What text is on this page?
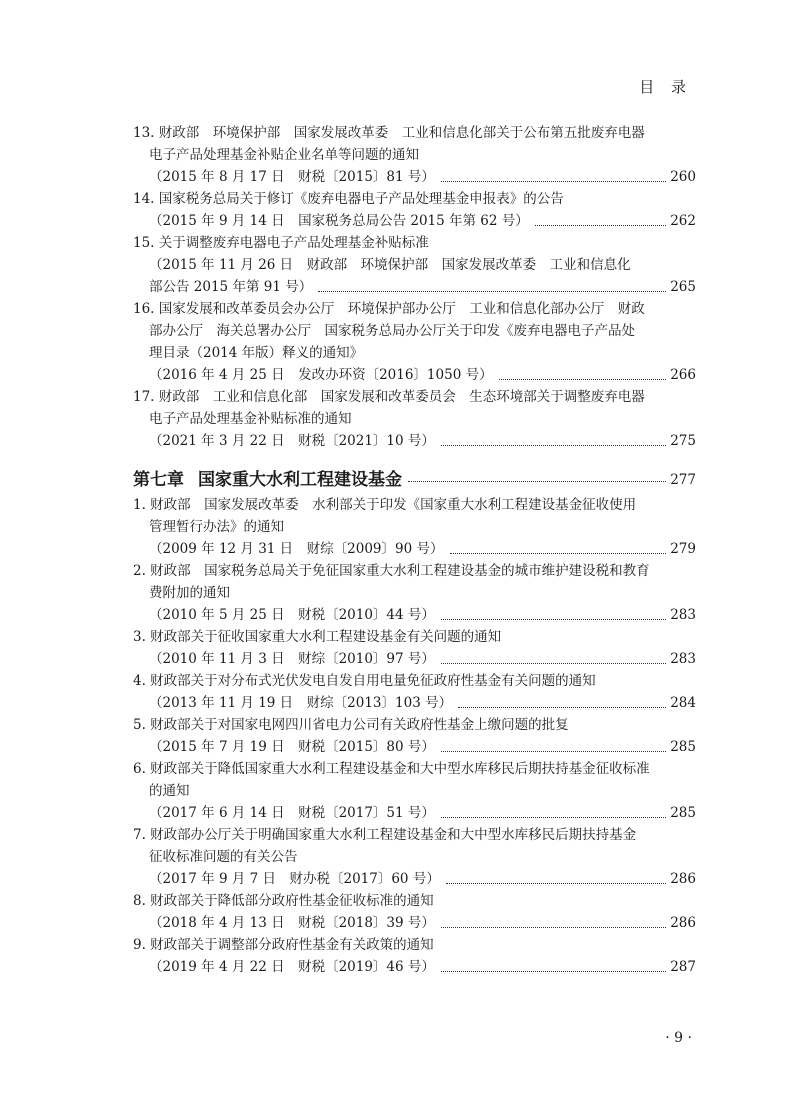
目 录
13. 财政部　环境保护部　国家发展改革委　工业和信息化部关于公布第五批废弃电器
电子产品处理基金补贴企业名单等问题的通知
（2015 年 8 月 17 日　财税〔2015〕81 号）	260
14. 国家税务总局关于修订《废弃电器电子产品处理基金申报表》的公告
（2015 年 9 月 14 日　国家税务总局公告 2015 年第 62 号）	262
15. 关于调整废弃电器电子产品处理基金补贴标准
（2015 年 11 月 26 日　财政部　环境保护部　国家发展改革委　工业和信息化
部公告 2015 年第 91 号）	265
16. 国家发展和改革委员会办公厅　环境保护部办公厅　工业和信息化部办公厅　财政
部办公厅　海关总署办公厅　国家税务总局办公厅关于印发《废弃电器电子产品处
理目录（2014 年版）释义的通知》
（2016 年 4 月 25 日　发改办环资〔2016〕1050 号）	266
17. 财政部　工业和信息化部　国家发展和改革委员会　生态环境部关于调整废弃电器
电子产品处理基金补贴标准的通知
（2021 年 3 月 22 日　财税〔2021〕10 号）	275
第七章 国家重大水利工程建设基金	277
1. 财政部　国家发展改革委　水利部关于印发《国家重大水利工程建设基金征收使用
管理暂行办法》的通知
（2009 年 12 月 31 日　财综〔2009〕90 号）	279
2. 财政部　国家税务总局关于免征国家重大水利工程建设基金的城市维护建设税和教育
费附加的通知
（2010 年 5 月 25 日　财税〔2010〕44 号）	283
3. 财政部关于征收国家重大水利工程建设基金有关问题的通知
（2010 年 11 月 3 日　财综〔2010〕97 号）	283
4. 财政部关于对分布式光伏发电自发自用电量免征政府性基金有关问题的通知
（2013 年 11 月 19 日　财综〔2013〕103 号）	284
5. 财政部关于对国家电网四川省电力公司有关政府性基金上缴问题的批复
（2015 年 7 月 19 日　财税〔2015〕80 号）	285
6. 财政部关于降低国家重大水利工程建设基金和大中型水库移民后期扶持基金征收标准
的通知
（2017 年 6 月 14 日　财税〔2017〕51 号）	285
7. 财政部办公厅关于明确国家重大水利工程建设基金和大中型水库移民后期扶持基金
征收标准问题的有关公告
（2017 年 9 月 7 日　财办税〔2017〕60 号）	286
8. 财政部关于降低部分政府性基金征收标准的通知
（2018 年 4 月 13 日　财税〔2018〕39 号）	286
9. 财政部关于调整部分政府性基金有关政策的通知
（2019 年 4 月 22 日　财税〔2019〕46 号）	287
· 9 ·
